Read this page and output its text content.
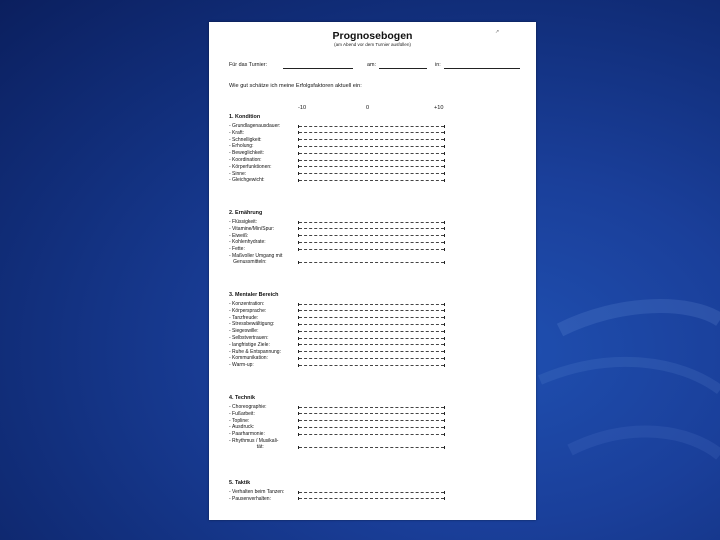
Prognosebogen
(am Abend vor dem Turnier ausfüllen)
↗
Für das Turnier:	am:	in:
Wie gut schätze ich meine Erfolgsfaktoren aktuell ein:
-10	0	+10
1. Kondition
- Grundlagenausdauer:
- Kraft:
- Schnelligkeit:
- Erholung:
- Beweglichkeit:
- Koordination:
- Körperfunktionen:
- Sinne:
- Gleichgewicht:
2. Ernährung
- Flüssigkeit:
- Vitamine/Min/Spur:
- Eiweiß:
- Kohlenhydrate:
- Fette:
- Maßvoller Umgang mit
Genussmitteln:
3. Mentaler Bereich
- Konzentration:
- Körpersprache:
- Tanzfreude:
- Stressbewältigung:
- Siegeswille:
- Selbstvertrauen:
- langfristige Ziele:
- Ruhe & Entspannung:
- Kommunikation:
- Warm-up:
4. Technik
- Choreographie:
- Fußarbeit:
- Topline:
- Ausdruck:
- Paarharmonie:
- Rhythmus / Musikali-
tät:
5. Taktik
- Verhalten beim Tanzen:
- Pausenverhalten:
